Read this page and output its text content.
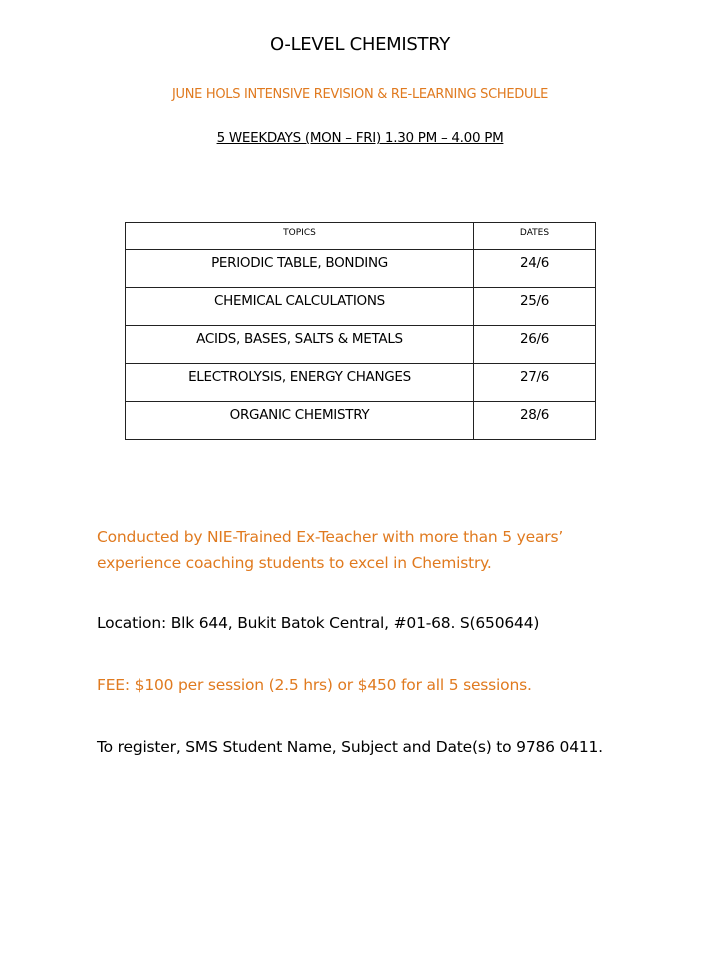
O-LEVEL CHEMISTRY
JUNE HOLS INTENSIVE REVISION & RE-LEARNING SCHEDULE
5 WEEKDAYS (MON – FRI) 1.30 PM – 4.00 PM
TOPICS	DATES
PERIODIC TABLE, BONDING	24/6
CHEMICAL CALCULATIONS	25/6
ACIDS, BASES, SALTS & METALS	26/6
ELECTROLYSIS, ENERGY CHANGES	27/6
ORGANIC CHEMISTRY	28/6
Conducted by NIE-Trained Ex-Teacher with more than 5 years’ experience coaching students to excel in Chemistry.
Location: Blk 644, Bukit Batok Central, #01-68. S(650644)
FEE: $100 per session (2.5 hrs) or $450 for all 5 sessions.
To register, SMS Student Name, Subject and Date(s) to 9786 0411.
